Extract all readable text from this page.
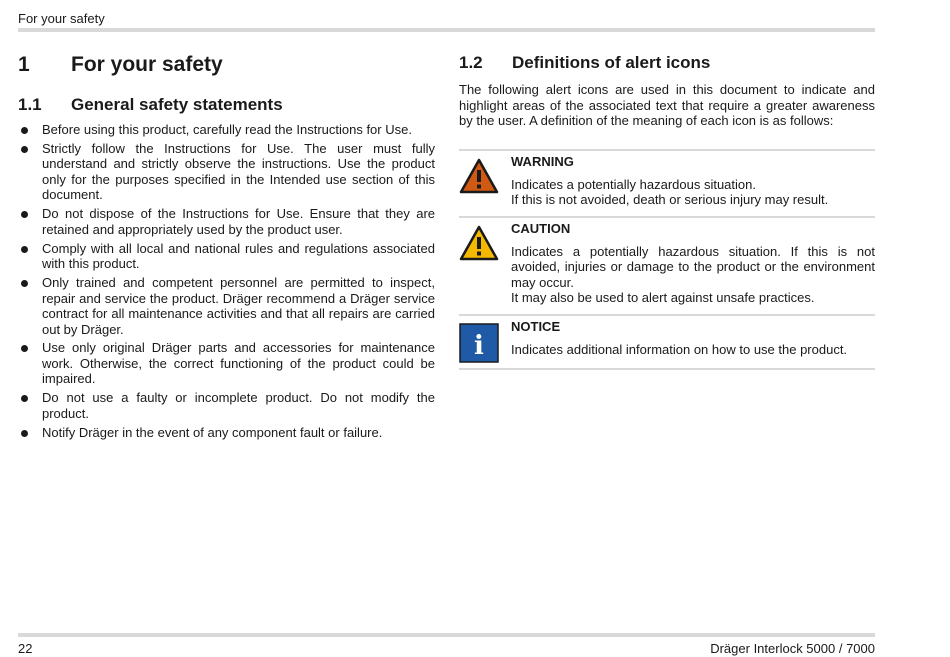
For your safety
1	For your safety
1.1	General safety statements
Before using this product, carefully read the Instructions for Use.
Strictly follow the Instructions for Use. The user must fully understand and strictly observe the instructions. Use the product only for the purposes specified in the Intended use section of this document.
Do not dispose of the Instructions for Use. Ensure that they are retained and appropriately used by the product user.
Comply with all local and national rules and regulations associated with this product.
Only trained and competent personnel are permitted to inspect, repair and service the product. Dräger recommend a Dräger service contract for all maintenance activities and that all repairs are carried out by Dräger.
Use only original Dräger parts and accessories for maintenance work. Otherwise, the correct functioning of the product could be impaired.
Do not use a faulty or incomplete product. Do not modify the product.
Notify Dräger in the event of any component fault or failure.
1.2	Definitions of alert icons

The following alert icons are used in this document to indicate and highlight areas of the associated text that require a greater awareness by the user. A definition of the meaning of each icon is as follows:

WARNING
Indicates a potentially hazardous situation.
If this is not avoided, death or serious injury may result.
CAUTION
Indicates a potentially hazardous situation. If this is not avoided, injuries or damage to the product or the environment may occur.
It may also be used to alert against unsafe practices.
i
NOTICE
Indicates additional information on how to use the product.
22	Dräger Interlock 5000 / 7000
